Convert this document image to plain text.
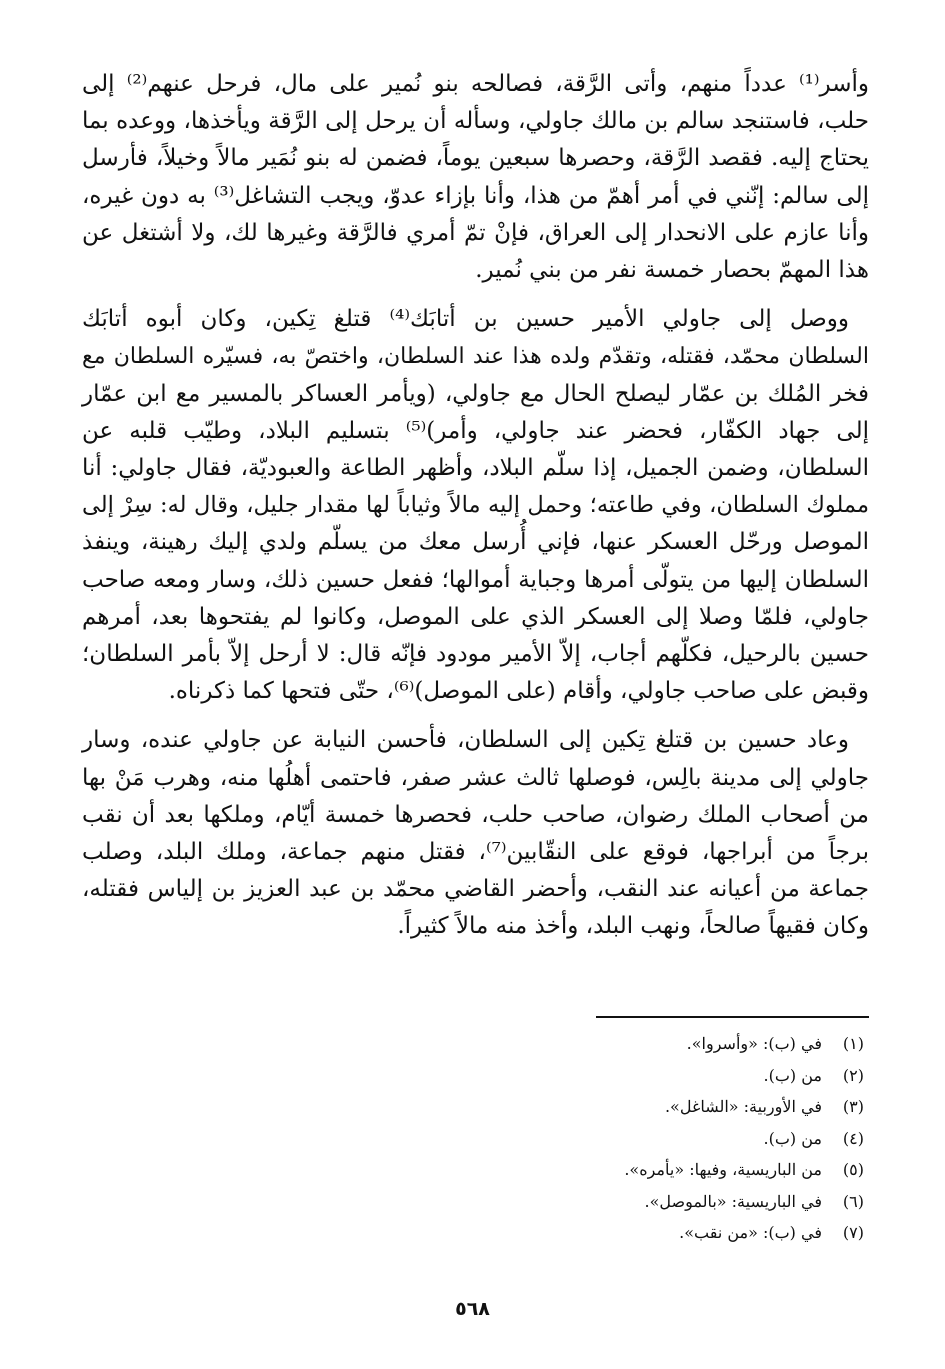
وأسر⁽¹⁾ عدداً منهم، وأتى الرَّقة، فصالحه بنو نُمير على مال، فرحل عنهم⁽²⁾ إلى
حلب، فاستنجد سالم بن مالك جاولي، وسأله أن يرحل إلى الرَّقة ويأخذها، ووعده بما
يحتاج إليه. فقصد الرَّقة، وحصرها سبعين يوماً، فضمن له بنو نُمَير مالاً وخيلاً، فأرسل
إلى سالم: إنّني في أمر أهمّ من هذا، وأنا بإزاء عدوّ، ويجب التشاغل⁽³⁾ به دون غيره،
وأنا عازم على الانحدار إلى العراق، فإنْ تمّ أمري فالرَّقة وغيرها لك، ولا أشتغل عن
هذا المهمّ بحصار خمسة نفر من بني نُمير.

ووصل إلى جاولي الأمير حسين بن أتابَك⁽⁴⁾ قتلغ تِكين، وكان أبوه أتابَك
السلطان محمّد، فقتله، وتقدّم ولده هذا عند السلطان، واختصّ به، فسيّره السلطان مع
فخر المُلك بن عمّار ليصلح الحال مع جاولي، (ويأمر العساكر بالمسير مع ابن عمّار
إلى جهاد الكفّار، فحضر عند جاولي، وأمر)⁽⁵⁾ بتسليم البلاد، وطيّب قلبه عن
السلطان، وضمن الجميل، إذا سلّم البلاد، وأظهر الطاعة والعبوديّة، فقال جاولي: أنا
مملوك السلطان، وفي طاعته؛ وحمل إليه مالاً وثياباً لها مقدار جليل، وقال له: سِرْ إلى
الموصل ورحّل العسكر عنها، فإني أُرسل معك من يسلّم ولدي إليك رهينة، وينفذ
السلطان إليها من يتولّى أمرها وجباية أموالها؛ ففعل حسين ذلك، وسار ومعه صاحب
جاولي، فلمّا وصلا إلى العسكر الذي على الموصل، وكانوا لم يفتحوها بعد، أمرهم
حسين بالرحيل، فكلّهم أجاب، إلاّ الأمير مودود فإنّه قال: لا أرحل إلاّ بأمر السلطان؛
وقبض على صاحب جاولي، وأقام (على الموصل)⁽⁶⁾، حتّى فتحها كما ذكرناه.

وعاد حسين بن قتلغ تِكين إلى السلطان، فأحسن النيابة عن جاولي عنده، وسار
جاولي إلى مدينة بالِس، فوصلها ثالث عشر صفر، فاحتمى أهلُها منه، وهرب مَنْ بها
من أصحاب الملك رضوان، صاحب حلب، فحصرها خمسة أيّام، وملكها بعد أن نقب
برجاً من أبراجها، فوقع على النقّابين⁽⁷⁾، فقتل منهم جماعة، وملك البلد، وصلب
جماعة من أعيانه عند النقب، وأحضر القاضي محمّد بن عبد العزيز بن إلياس فقتله،
وكان فقيهاً صالحاً، ونهب البلد، وأخذ منه مالاً كثيراً.

(١)
في (ب): «وأسروا».
(٢)
من (ب).
(٣)
في الأوربية: «الشاغل».
(٤)
من (ب).
(٥)
من الباريسية، وفيها: «يأمره».
(٦)
في الباريسية: «بالموصل».
(٧)
في (ب): «من نقب».
٥٦٨
